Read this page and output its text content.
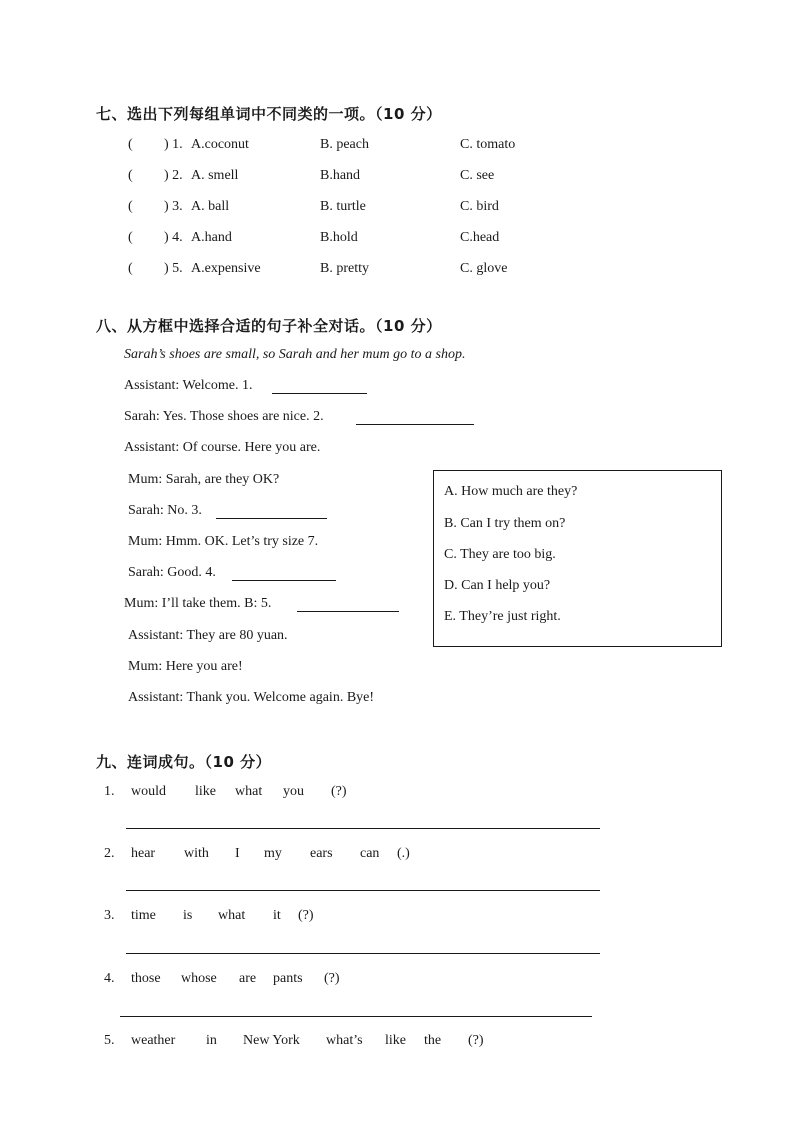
七、选出下列每组单词中不同类的一项。（10 分）
( ) 1. A.coconut	B. peach	C. tomato
( ) 2. A. smell	B.hand	C. see
( ) 3. A. ball	B. turtle	C. bird
( ) 4. A.hand	B.hold	C.head
( ) 5. A.expensive	B. pretty	C. glove
八、从方框中选择合适的句子补全对话。（10 分）
Sarah’s shoes are small, so Sarah and her mum go to a shop.
Assistant: Welcome. 1.
Sarah: Yes. Those shoes are nice. 2.
Assistant: Of course. Here you are.
Mum: Sarah, are they OK?
Sarah: No. 3.
Mum: Hmm. OK. Let’s try size 7.
Sarah: Good. 4.
Mum: I’ll take them. B: 5.
Assistant: They are 80 yuan.
Mum: Here you are!
Assistant: Thank you. Welcome again. Bye!
A. How much are they?
B. Can I try them on?
C. They are too big.
D. Can I help you?
E. They’re just right.
九、连词成句。（10 分）
1. would like what you (?)
2. hear with I my ears can (.)
3. time is what it (?)
4. those whose are pants (?)
5. weather in New York what’s like the (?)
